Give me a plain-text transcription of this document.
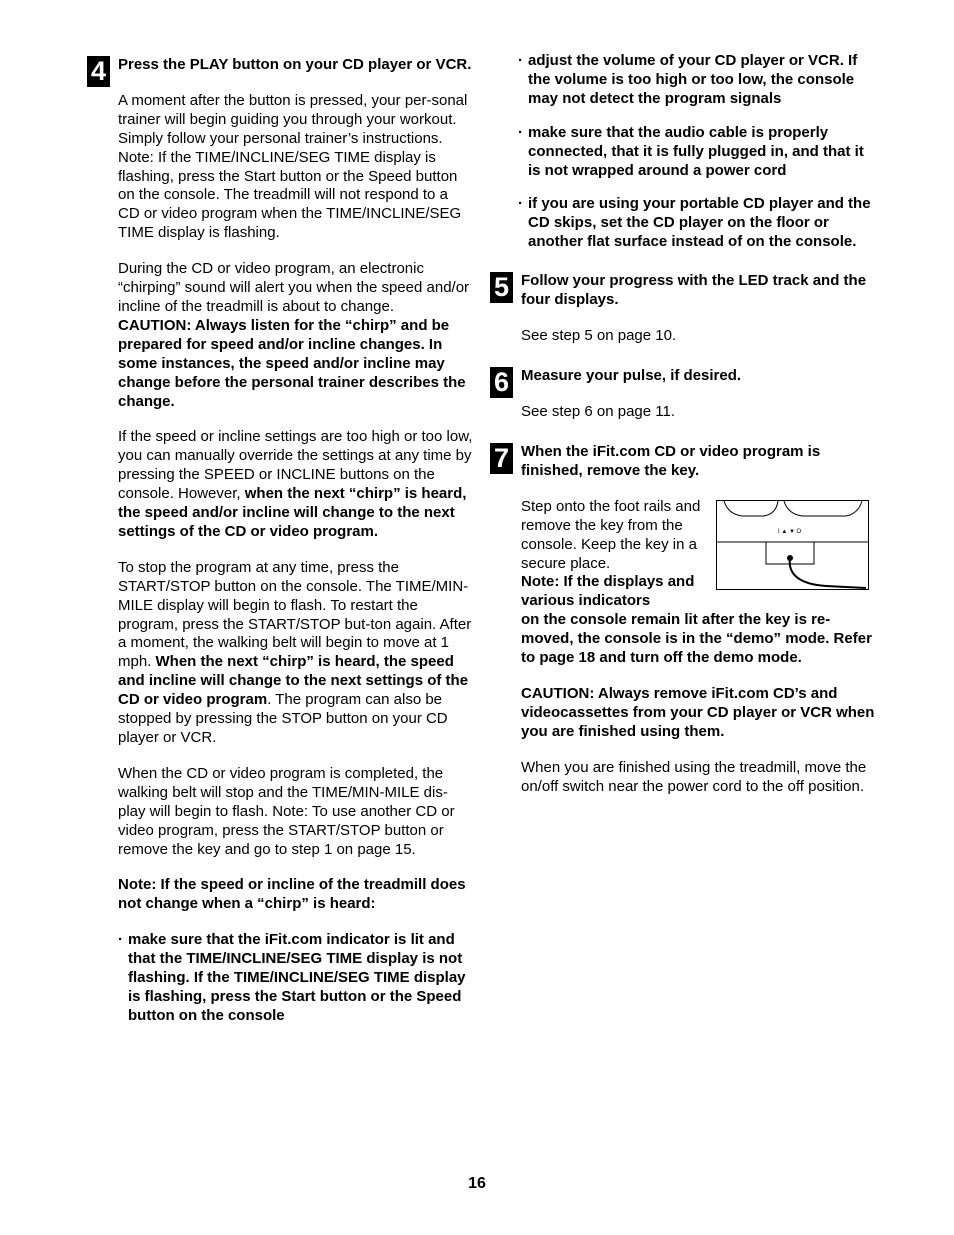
4 Press the PLAY button on your CD player or VCR.

A moment after the button is pressed, your per-sonal trainer will begin guiding you through your workout. Simply follow your personal trainer’s instructions. Note: If the TIME/INCLINE/SEG TIME display is flashing, press the Start button or the Speed button on the console. The treadmill will not respond to a CD or video program when the TIME/INCLINE/SEG TIME display is flashing.

During the CD or video program, an electronic “chirping” sound will alert you when the speed and/or incline of the treadmill is about to change.
CAUTION: Always listen for the “chirp” and be prepared for speed and/or incline changes. In some instances, the speed and/or incline may change before the personal trainer describes the change.

If the speed or incline settings are too high or too low, you can manually override the settings at any time by pressing the SPEED or INCLINE buttons on the console. However, when the next “chirp” is heard, the speed and/or incline will change to the next settings of the CD or video program.

To stop the program at any time, press the START/STOP button on the console. The TIME/MIN-MILE display will begin to flash. To restart the program, press the START/STOP but-ton again. After a moment, the walking belt will begin to move at 1 mph. When the next “chirp” is heard, the speed and incline will change to the next settings of the CD or video program. The program can also be stopped by pressing the STOP button on your CD player or VCR.

When the CD or video program is completed, the walking belt will stop and the TIME/MIN-MILE dis-play will begin to flash. Note: To use another CD or video program, press the START/STOP button or remove the key and go to step 1 on page 15.

Note: If the speed or incline of the treadmill does not change when a “chirp” is heard:

· make sure that the iFit.com indicator is lit and that the TIME/INCLINE/SEG TIME display is not flashing. If the TIME/INCLINE/SEG TIME display is flashing, press the Start button or the Speed button on the console
· adjust the volume of your CD player or VCR. If the volume is too high or too low, the console may not detect the program signals
· make sure that the audio cable is properly connected, that it is fully plugged in, and that it is not wrapped around a power cord
· if you are using your portable CD player and the CD skips, set the CD player on the floor or another flat surface instead of on the console.
5 Follow your progress with the LED track and the four displays.

See step 5 on page 10.

6 Measure your pulse, if desired.

See step 6 on page 11.

7 When the iFit.com CD or video program is finished, remove the key.

Step onto the foot rails and remove the key from the console. Keep the key in a secure place.
Note: If the displays and various indicators

on the console remain lit after the key is re-moved, the console is in the “demo” mode. Refer to page 18 and turn off the demo mode.

CAUTION: Always remove iFit.com CD’s and videocassettes from your CD player or VCR when you are finished using them.

When you are finished using the treadmill, move the on/off switch near the power cord to the off position.

I ▲ ▼ O
16
